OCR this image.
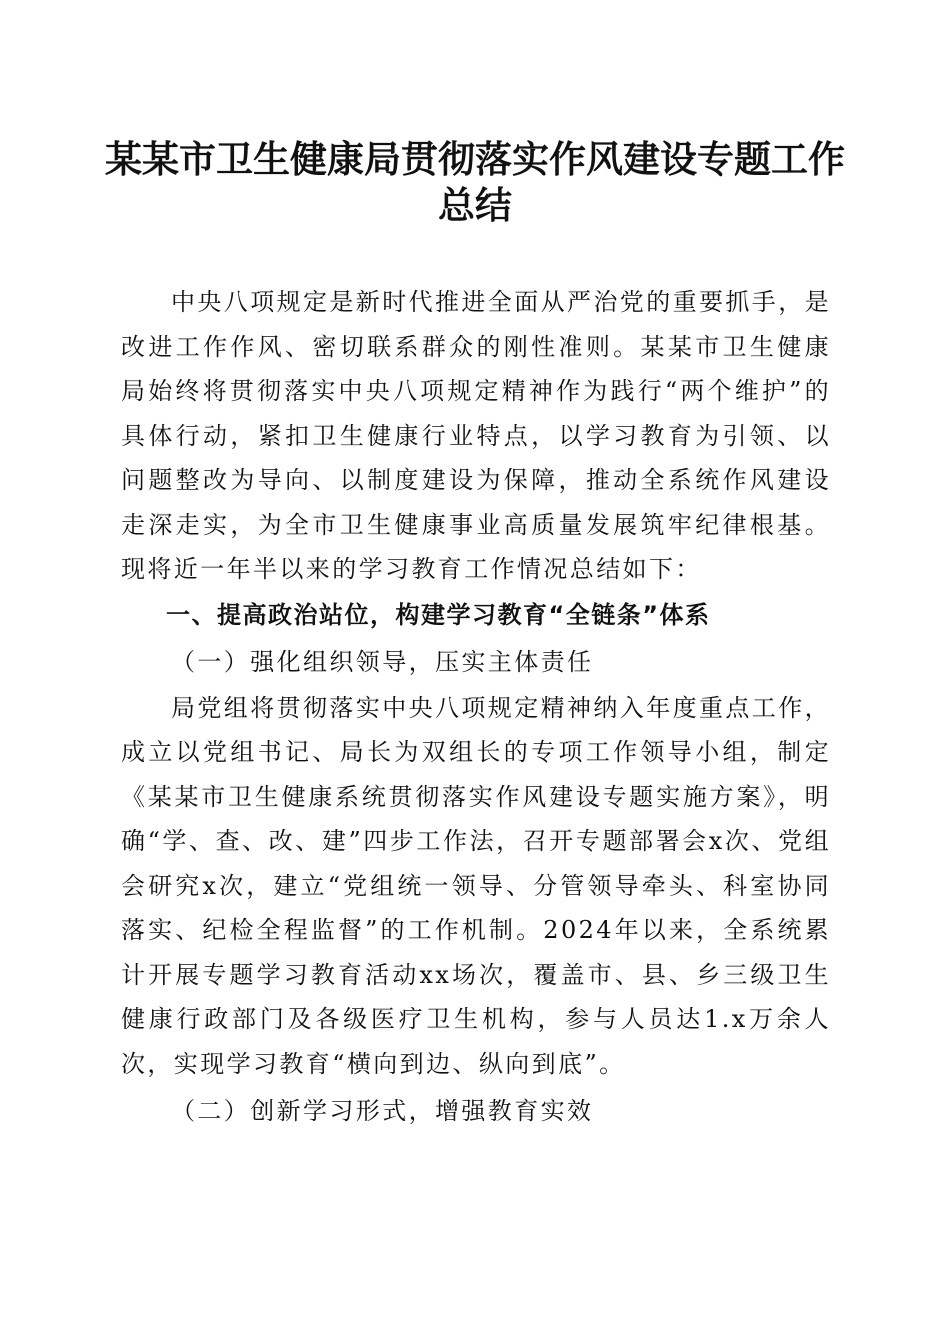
某某市卫生健康局贯彻落实作风建设专题工作
总结

中央八项规定是新时代推进全面从严治党的重要抓手，是改进工作作风、密切联系群众的刚性准则。某某市卫生健康局始终将贯彻落实中央八项规定精神作为践行“两个维护”的具体行动，紧扣卫生健康行业特点，以学习教育为引领、以问题整改为导向、以制度建设为保障，推动全系统作风建设走深走实，为全市卫生健康事业高质量发展筑牢纪律根基。现将近一年半以来的学习教育工作情况总结如下：

一、提高政治站位，构建学习教育“全链条”体系

（一）强化组织领导，压实主体责任

局党组将贯彻落实中央八项规定精神纳入年度重点工作，成立以党组书记、局长为双组长的专项工作领导小组，制定《某某市卫生健康系统贯彻落实作风建设专题实施方案》，明确“学、查、改、建”四步工作法，召开专题部署会x次、党组会研究x次，建立“党组统一领导、分管领导牵头、科室协同落实、纪检全程监督”的工作机制。2024年以来，全系统累计开展专题学习教育活动xx场次，覆盖市、县、乡三级卫生健康行政部门及各级医疗卫生机构，参与人员达1.x万余人次，实现学习教育“横向到边、纵向到底”。

（二）创新学习形式，增强教育实效
